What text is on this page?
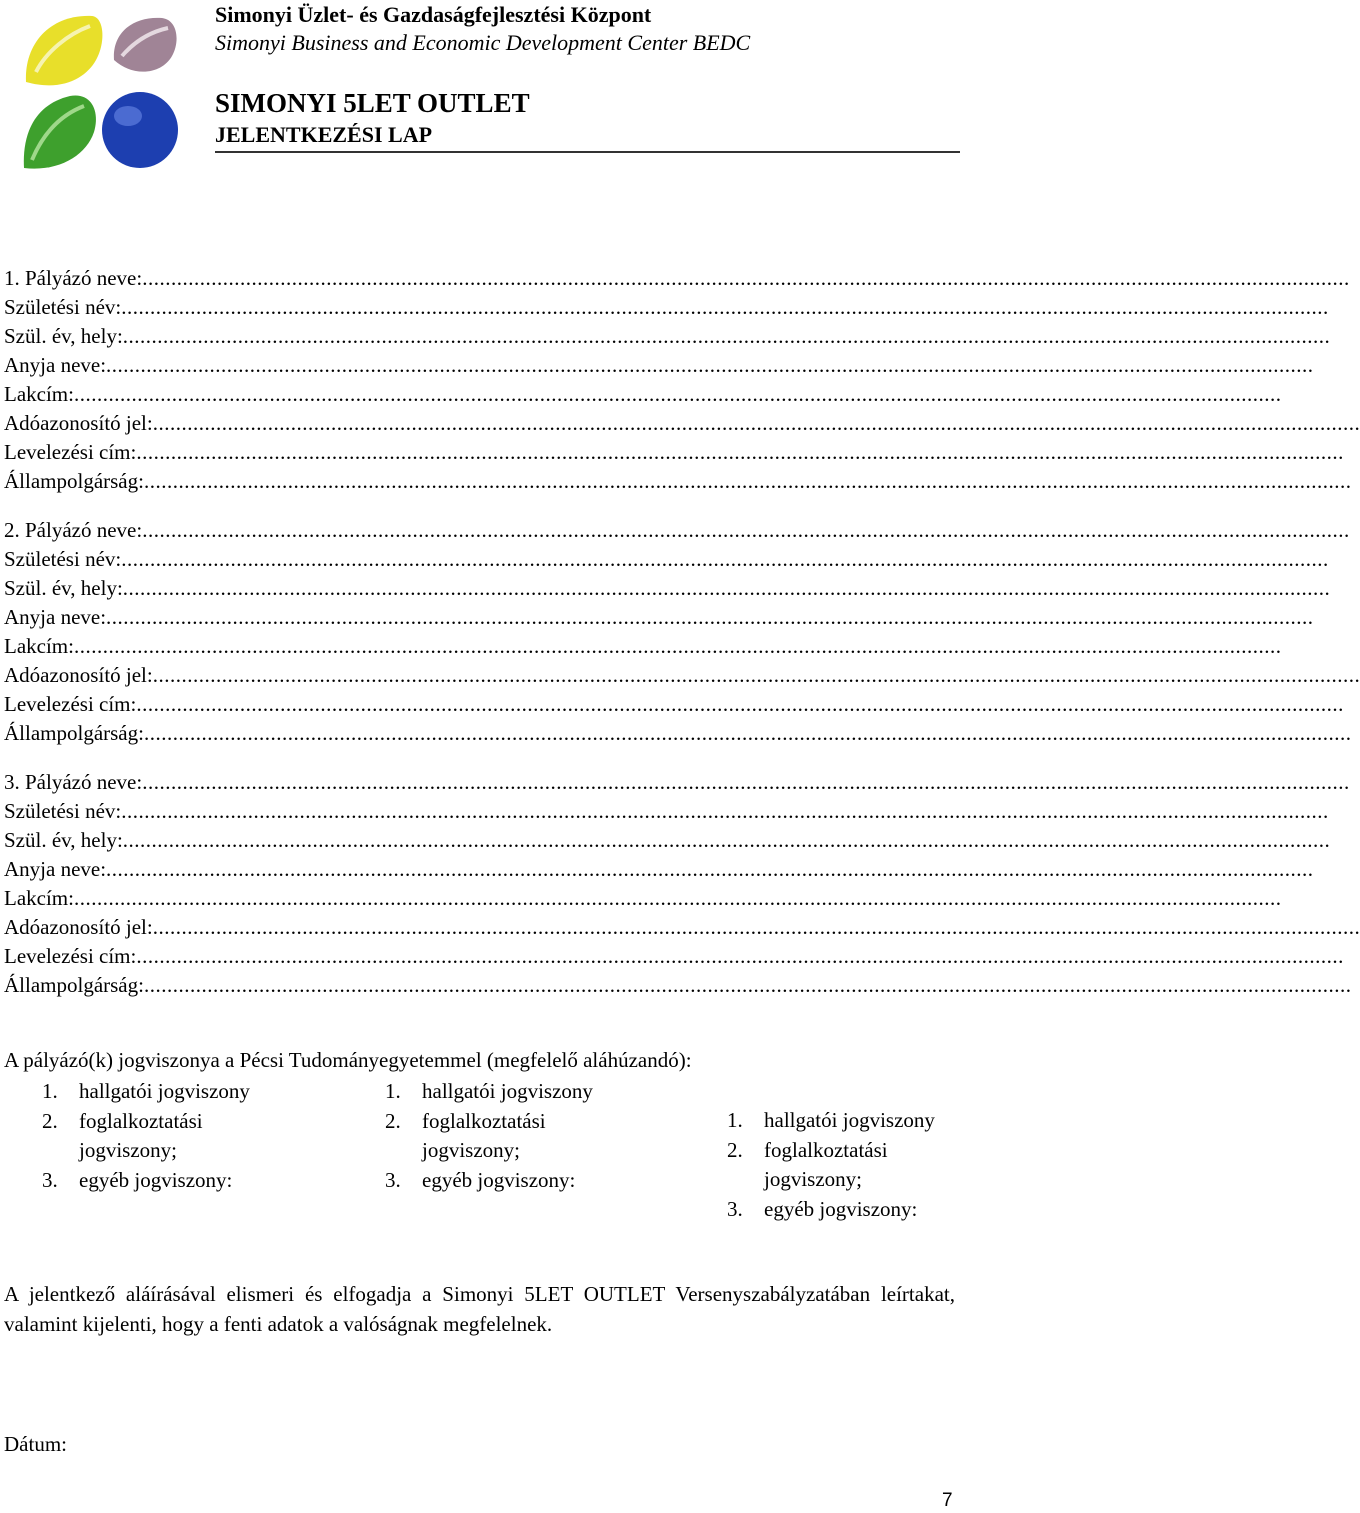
Simonyi Üzlet- és Gazdaságfejlesztési Központ
Simonyi Business and Economic Development Center BEDC
SIMONYI 5LET OUTLET
JELENTKEZÉSI LAP
1. Pályázó neve: ..................................................................................................................................................................................................................
Születési név: ..................................................................................................................................................................................................................
Szül. év, hely: ..................................................................................................................................................................................................................
Anyja neve: ..................................................................................................................................................................................................................
Lakcím: ..................................................................................................................................................................................................................
Adóazonosító jel: ..................................................................................................................................................................................................................
Levelezési cím: ..................................................................................................................................................................................................................
Állampolgárság: ..................................................................................................................................................................................................................
2. Pályázó neve: ..................................................................................................................................................................................................................
Születési név: ..................................................................................................................................................................................................................
Szül. év, hely: ..................................................................................................................................................................................................................
Anyja neve: ..................................................................................................................................................................................................................
Lakcím: ..................................................................................................................................................................................................................
Adóazonosító jel: ..................................................................................................................................................................................................................
Levelezési cím: ..................................................................................................................................................................................................................
Állampolgárság: ..................................................................................................................................................................................................................
3. Pályázó neve: ..................................................................................................................................................................................................................
Születési név: ..................................................................................................................................................................................................................
Szül. év, hely: ..................................................................................................................................................................................................................
Anyja neve: ..................................................................................................................................................................................................................
Lakcím: ..................................................................................................................................................................................................................
Adóazonosító jel: ..................................................................................................................................................................................................................
Levelezési cím: ..................................................................................................................................................................................................................
Állampolgárság: ..................................................................................................................................................................................................................
A pályázó(k) jogviszonya a Pécsi Tudományegyetemmel (megfelelő aláhúzandó):
1. hallgatói jogviszony
2. foglalkoztatási jogviszony;
3. egyéb jogviszony:
1. hallgatói jogviszony
2. foglalkoztatási jogviszony;
3. egyéb jogviszony:
1. hallgatói jogviszony
2. foglalkoztatási jogviszony;
3. egyéb jogviszony:
A jelentkező aláírásával elismeri és elfogadja a Simonyi 5LET OUTLET Versenyszabályzatában leírtakat, valamint kijelenti, hogy a fenti adatok a valóságnak megfelelnek.
Dátum:
7
